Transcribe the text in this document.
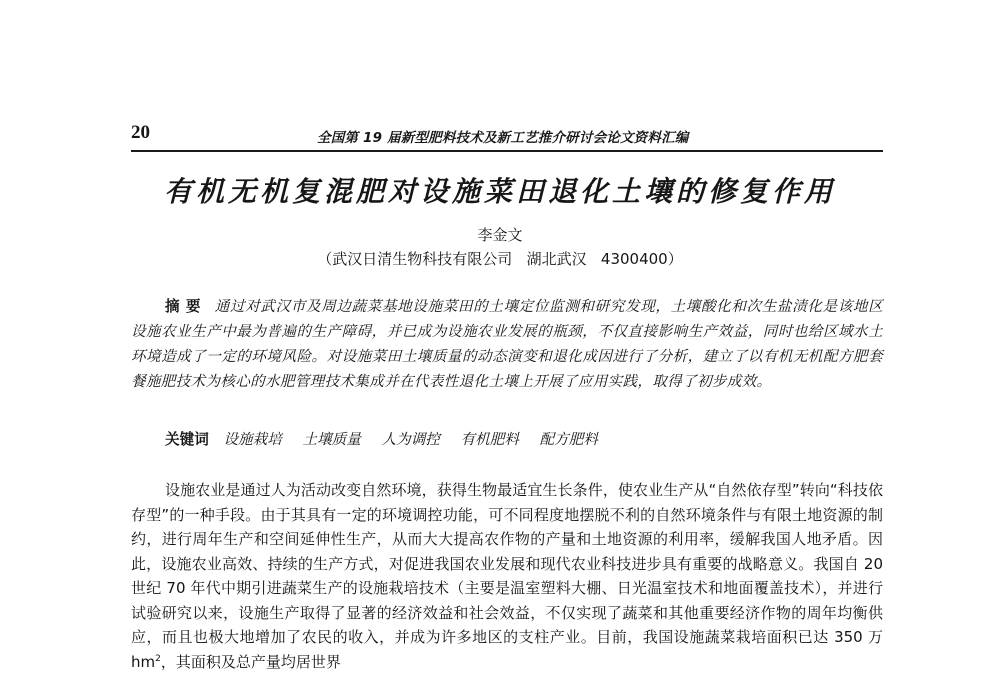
20	全国第 19 届新型肥料技术及新工艺推介研讨会论文资料汇编
有机无机复混肥对设施菜田退化土壤的修复作用
李金文
（武汉日清生物科技有限公司 湖北武汉 4300400）

摘要 通过对武汉市及周边蔬菜基地设施菜田的土壤定位监测和研究发现，土壤酸化和次生盐渍化是该地区设施农业生产中最为普遍的生产障碍，并已成为设施农业发展的瓶颈，不仅直接影响生产效益，同时也给区域水土环境造成了一定的环境风险。对设施菜田土壤质量的动态演变和退化成因进行了分析，建立了以有机无机配方肥套餐施肥技术为核心的水肥管理技术集成并在代表性退化土壤上开展了应用实践，取得了初步成效。

关键词 设施栽培 土壤质量 人为调控 有机肥料 配方肥料

设施农业是通过人为活动改变自然环境，获得生物最适宜生长条件，使农业生产从“自然依存型”转向“科技依存型”的一种手段。由于其具有一定的环境调控功能，可不同程度地摆脱不利的自然环境条件与有限土地资源的制约，进行周年生产和空间延伸性生产，从而大大提高农作物的产量和土地资源的利用率，缓解我国人地矛盾。因此，设施农业高效、持续的生产方式，对促进我国农业发展和现代农业科技进步具有重要的战略意义。我国自 20 世纪 70 年代中期引进蔬菜生产的设施栽培技术（主要是温室塑料大棚、日光温室技术和地面覆盖技术），并进行试验研究以来，设施生产取得了显著的经济效益和社会效益，不仅实现了蔬菜和其他重要经济作物的周年均衡供应，而且也极大地增加了农民的收入，并成为许多地区的支柱产业。目前，我国设施蔬菜栽培面积已达 350 万 $hm^2$，其面积及总产量均居世界
